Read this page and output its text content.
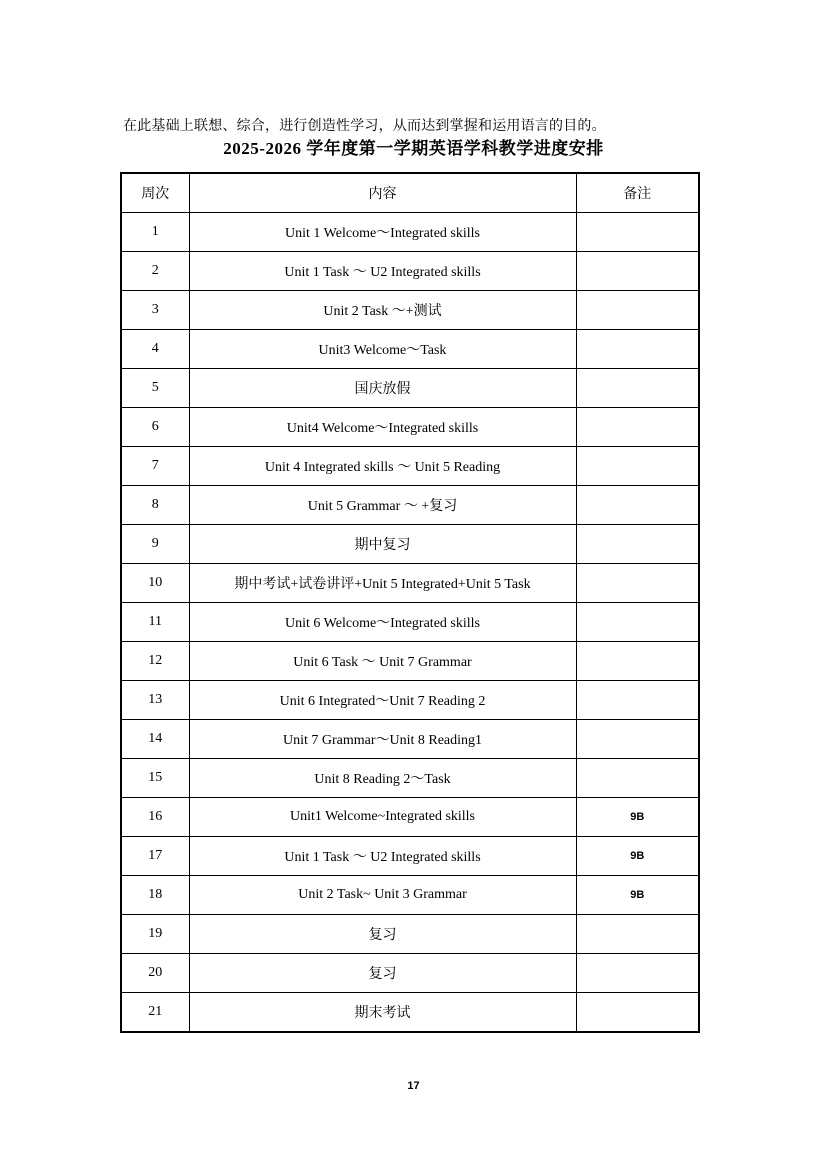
在此基础上联想、综合，进行创造性学习，从而达到掌握和运用语言的目的。

2025-2026 学年度第一学期英语学科教学进度安排
周次	内容	备注
1	Unit 1 Welcome～Integrated skills	
2	Unit 1 Task ～ U2 Integrated skills	
3	Unit 2 Task ～+测试	
4	Unit3 Welcome～Task	
5	国庆放假	
6	Unit4 Welcome～Integrated skills	
7	Unit 4 Integrated skills ～ Unit 5 Reading	
8	Unit 5 Grammar ～ +复习	
9	期中复习	
10	期中考试+试卷讲评+Unit 5 Integrated+Unit 5 Task	
11	Unit 6 Welcome～Integrated skills	
12	Unit 6 Task ～ Unit 7 Grammar	
13	Unit 6 Integrated～Unit 7 Reading 2	
14	Unit 7 Grammar～Unit 8 Reading1	
15	Unit 8 Reading 2～Task	
16	Unit1 Welcome~Integrated skills	9B
17	Unit 1 Task ～ U2 Integrated skills	9B
18	Unit 2 Task~ Unit 3 Grammar	9B
19	复习	
20	复习	
21	期末考试	
17
